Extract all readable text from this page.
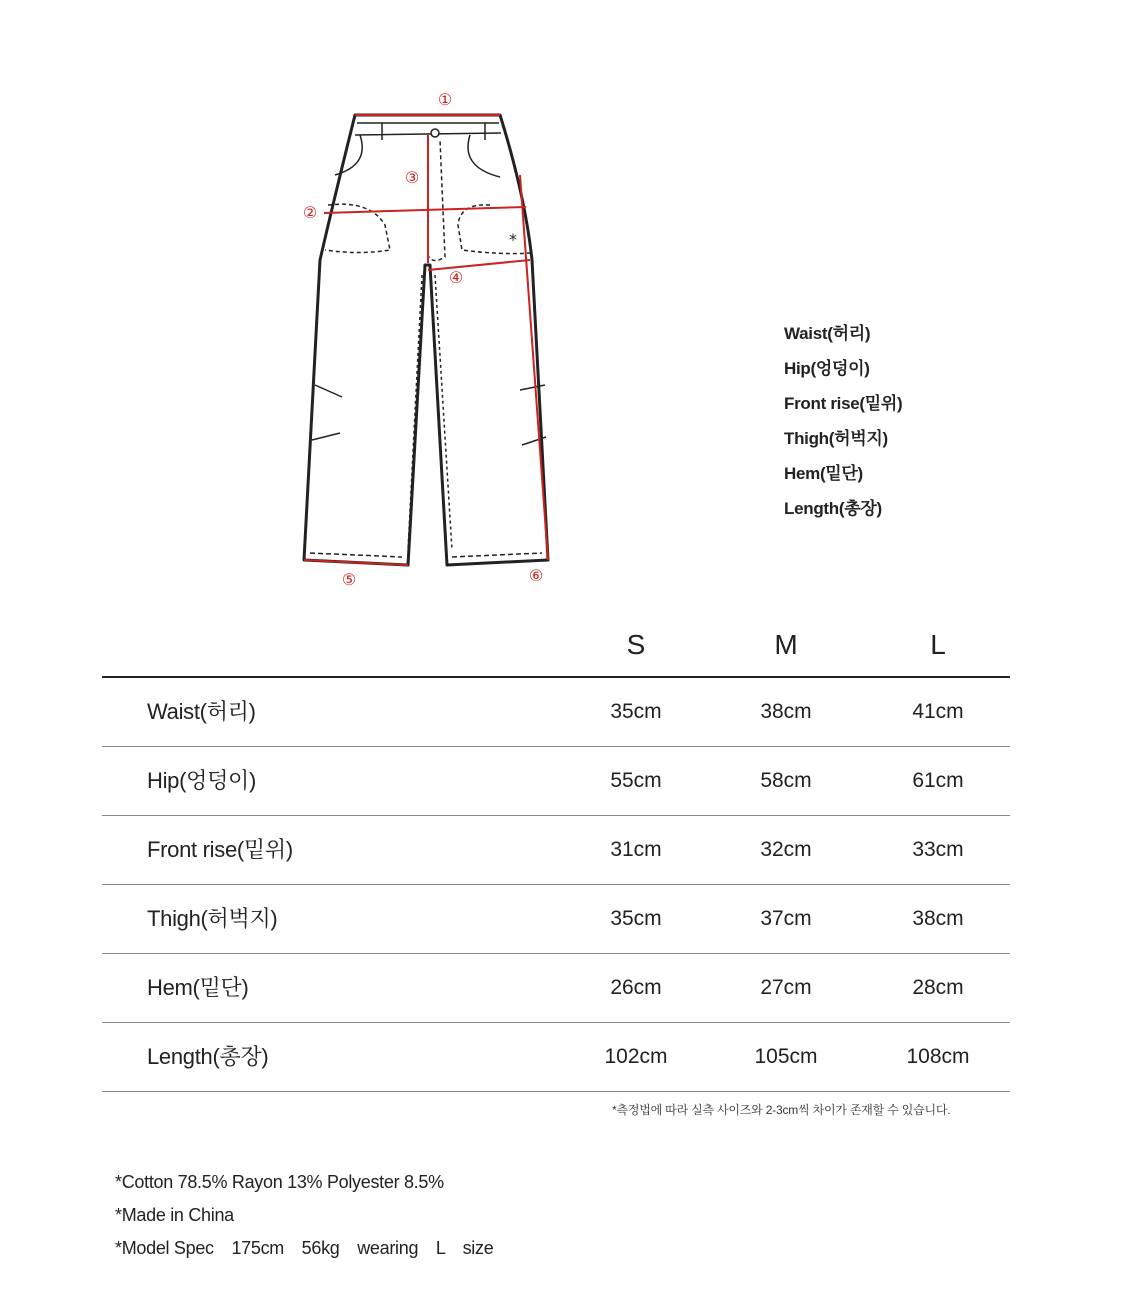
①
②
③
④
⑤	⑥
*
Waist(허리)
Hip(엉덩이)
Front rise(밑위)
Thigh(허벅지)
Hem(밑단)
Length(총장)
S	M	L
Waist(허리)	35cm	38cm	41cm
Hip(엉덩이)	55cm	58cm	61cm
Front rise(밑위)	31cm	32cm	33cm
Thigh(허벅지)	35cm	37cm	38cm
Hem(밑단)	26cm	27cm	28cm
Length(총장)	102cm	105cm	108cm
*측정법에 따라 실측 사이즈와 2-3cm씩 차이가 존재할 수 있습니다.
*Cotton 78.5% Rayon 13% Polyester 8.5%
*Made in China
*Model Spec　175cm　56kg　wearing　L　size
